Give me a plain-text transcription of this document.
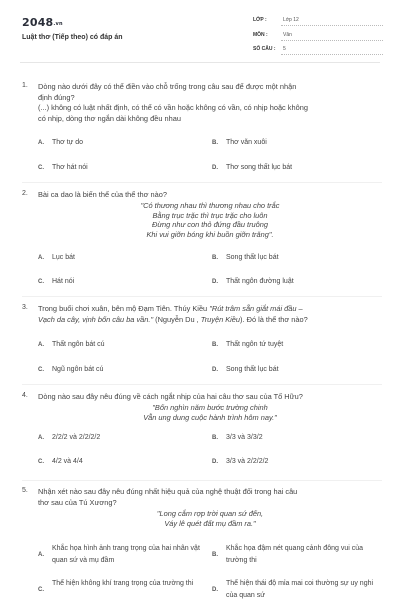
$2048^{.vn}$
Luật thơ (Tiếp theo) có đáp án
LỚP :	Lớp 12
MÔN :	Văn
SỐ CÂU : 5
1. Dòng nào dưới đây có thể điền vào chỗ trống trong câu sau để được một nhận
định đúng?
(...) không có luật nhất định, có thể có vần hoặc không có vần, có nhịp hoặc không
có nhịp, dòng thơ ngắn dài không đều nhau
A. Thơ tự do	B. Thơ văn xuôi
C. Thơ hát nói	D. Thơ song thất lục bát
2. Bài ca dao là biến thể của thể thơ nào?
"Có thương nhau thì thương nhau cho trắc
Bằng trục trặc thì trục trặc cho luôn
Đừng như con thỏ đứng đầu truông
Khi vui giỡn bóng khi buồn giỡn trăng".
A. Lục bát	B. Song thất lục bát
C. Hát nói	D. Thất ngôn đường luật
3. Trong buổi chơi xuân, bên mộ Đạm Tiên. Thúy Kiều "Rút trâm sẵn giắt mái đầu –
Vạch da cây, vịnh bốn câu ba vần." (Nguyễn Du , Truyện Kiều). Đó là thể thơ nào?
A. Thất ngôn bát cú	B. Thất ngôn tứ tuyệt
C. Ngũ ngôn bát cú	D. Song thất lục bát
4. Dòng nào sau đây nêu đúng về cách ngắt nhịp của hai câu thơ sau của Tố Hữu?
"Bốn nghìn năm bước trường chinh
Vẫn ung dung cuộc hành trình hôm nay."
A. 2/2/2 và 2/2/2/2	B. 3/3 và 3/3/2
C. 4/2 và 4/4	D. 3/3 và 2/2/2/2
5. Nhận xét nào sau đây nêu đúng nhất hiệu quả của nghệ thuật đối trong hai câu
thơ sau của Tú Xương?
"Long cắm rợp trời quan sứ đến,
Váy lê quét đất mụ đầm ra."
A.
Khắc họa hình ảnh trang trọng của hai nhân vật quan sứ và mụ đầm
B.
Khắc họa đậm nét quang cảnh đông vui của trường thi
C.
Thể hiện không khí trang trọng của trường thi
D.
Thể hiện thái độ mỉa mai coi thường sự uy nghi của quan sứ
